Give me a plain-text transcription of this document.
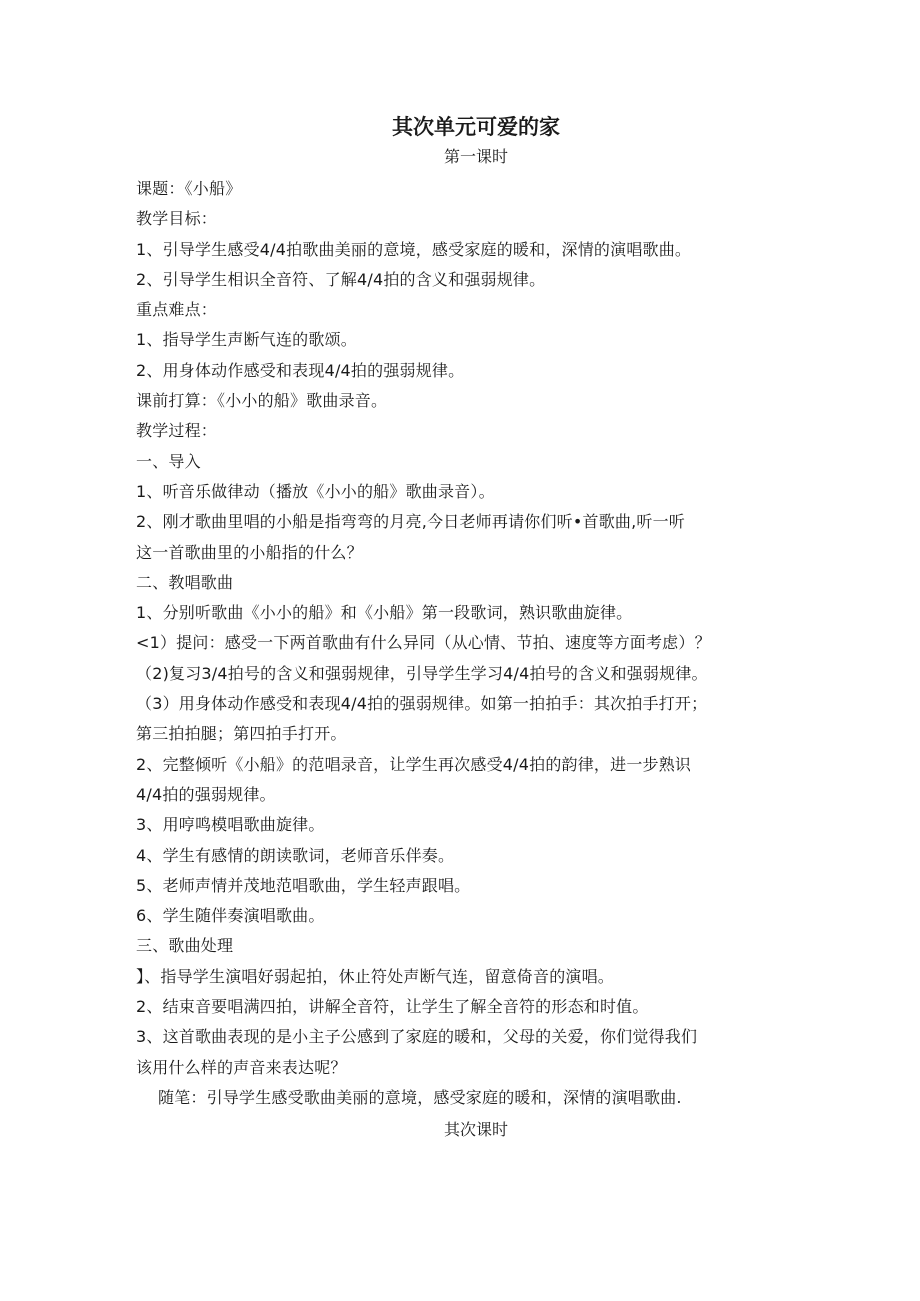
其次单元可爱的家
第一课时
课题：《小船》
教学目标：
1、引导学生感受4/4拍歌曲美丽的意境，感受家庭的暖和，深情的演唱歌曲。
2、引导学生相识全音符、了解4/4拍的含义和强弱规律。
重点难点：
1、指导学生声断气连的歌颂。
2、用身体动作感受和表现4/4拍的强弱规律。
课前打算：《小小的船》歌曲录音。
教学过程：
一、导入
1、听音乐做律动（播放《小小的船》歌曲录音）。
2、刚才歌曲里唱的小船是指弯弯的月亮,今日老师再请你们听•首歌曲,听一听
这一首歌曲里的小船指的什么？
二、教唱歌曲
1、分别听歌曲《小小的船》和《小船》第一段歌词，熟识歌曲旋律。
<1）提问：感受一下两首歌曲有什么异同（从心情、节拍、速度等方面考虑）？
（2)复习3/4拍号的含义和强弱规律，引导学生学习4/4拍号的含义和强弱规律。
（3）用身体动作感受和表现4/4拍的强弱规律。如第一拍拍手：其次拍手打开；
第三拍拍腿；第四拍手打开。
2、完整倾听《小船》的范唱录音，让学生再次感受4/4拍的韵律，进一步熟识
4/4拍的强弱规律。
3、用哼鸣模唱歌曲旋律。
4、学生有感情的朗读歌词，老师音乐伴奏。
5、老师声情并茂地范唱歌曲，学生轻声跟唱。
6、学生随伴奏演唱歌曲。
三、歌曲处理
】、指导学生演唱好弱起拍，休止符处声断气连，留意倚音的演唱。
2、结束音要唱满四拍，讲解全音符，让学生了解全音符的形态和时值。
3、这首歌曲表现的是小主子公感到了家庭的暖和，父母的关爱，你们觉得我们
该用什么样的声音来表达呢？
随笔：引导学生感受歌曲美丽的意境，感受家庭的暖和，深情的演唱歌曲.
其次课时
